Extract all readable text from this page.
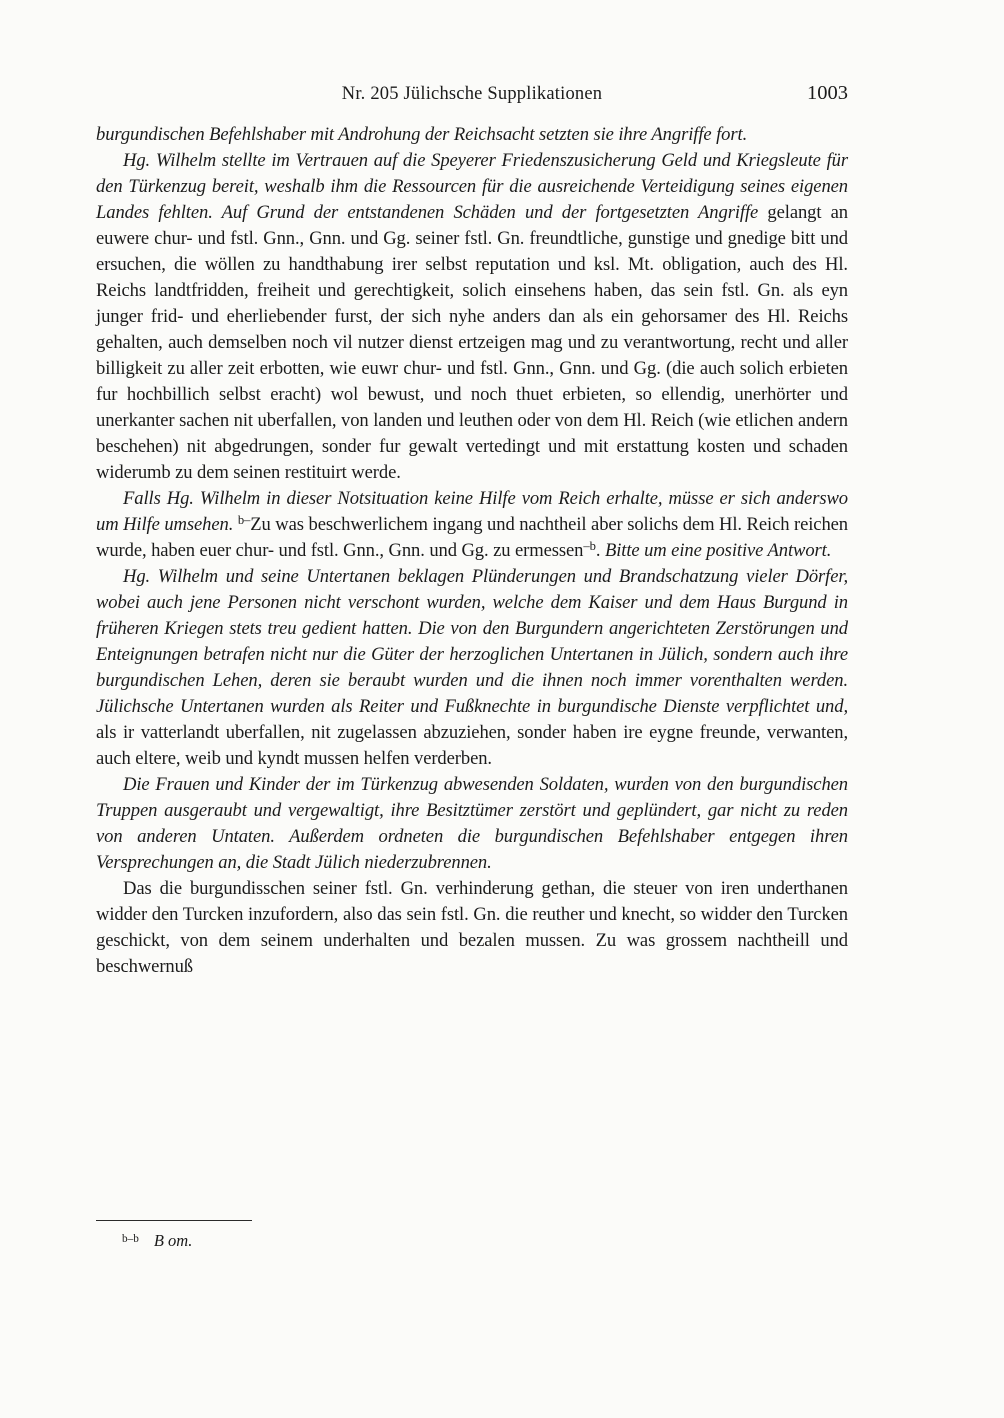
Nr. 205 Jülichsche Supplikationen	1003

burgundischen Befehlshaber mit Androhung der Reichsacht setzten sie ihre Angriffe fort.

Hg. Wilhelm stellte im Vertrauen auf die Speyerer Friedenszusicherung Geld und Kriegsleute für den Türkenzug bereit, weshalb ihm die Ressourcen für die ausreichende Verteidigung seines eigenen Landes fehlten. Auf Grund der entstandenen Schäden und der fortgesetzten Angriffe gelangt an euwere chur- und fstl. Gnn., Gnn. und Gg. seiner fstl. Gn. freundtliche, gunstige und gnedige bitt und ersuchen, die wöllen zu handthabung irer selbst reputation und ksl. Mt. obligation, auch des Hl. Reichs landtfridden, freiheit und gerechtigkeit, solich einsehens haben, das sein fstl. Gn. als eyn junger frid- und eherliebender furst, der sich nyhe anders dan als ein gehorsamer des Hl. Reichs gehalten, auch demselben noch vil nutzer dienst ertzeigen mag und zu verantwortung, recht und aller billigkeit zu aller zeit erbotten, wie euwr chur- und fstl. Gnn., Gnn. und Gg. (die auch solich erbieten fur hochbillich selbst eracht) wol bewust, und noch thuet erbieten, so ellendig, unerhörter und unerkanter sachen nit uberfallen, von landen und leuthen oder von dem Hl. Reich (wie etlichen andern beschehen) nit abgedrungen, sonder fur gewalt vertedingt und mit erstattung kosten und schaden widerumb zu dem seinen restituirt werde.

Falls Hg. Wilhelm in dieser Notsituation keine Hilfe vom Reich erhalte, müsse er sich anderswo um Hilfe umsehen. $^{b-}$Zu was beschwerlichem ingang und nachtheil aber solichs dem Hl. Reich reichen wurde, haben euer chur- und fstl. Gnn., Gnn. und Gg. zu ermessen$^{-b}$. Bitte um eine positive Antwort.

Hg. Wilhelm und seine Untertanen beklagen Plünderungen und Brandschatzung vieler Dörfer, wobei auch jene Personen nicht verschont wurden, welche dem Kaiser und dem Haus Burgund in früheren Kriegen stets treu gedient hatten. Die von den Burgundern angerichteten Zerstörungen und Enteignungen betrafen nicht nur die Güter der herzoglichen Untertanen in Jülich, sondern auch ihre burgundischen Lehen, deren sie beraubt wurden und die ihnen noch immer vorenthalten werden. Jülichsche Untertanen wurden als Reiter und Fußknechte in burgundische Dienste verpflichtet und, als ir vatterlandt uberfallen, nit zugelassen abzuziehen, sonder haben ire eygne freunde, verwanten, auch eltere, weib und kyndt mussen helfen verderben.

Die Frauen und Kinder der im Türkenzug abwesenden Soldaten, wurden von den burgundischen Truppen ausgeraubt und vergewaltigt, ihre Besitztümer zerstört und geplündert, gar nicht zu reden von anderen Untaten. Außerdem ordneten die burgundischen Befehlshaber entgegen ihren Versprechungen an, die Stadt Jülich niederzubrennen.

Das die burgundisschen seiner fstl. Gn. verhinderung gethan, die steuer von iren underthanen widder den Turcken inzufordern, also das sein fstl. Gn. die reuther und knecht, so widder den Turcken geschickt, von dem seinem underhalten und bezalen mussen. Zu was grossem nachtheill und beschwernuß

$^{b-b}$ B om.
